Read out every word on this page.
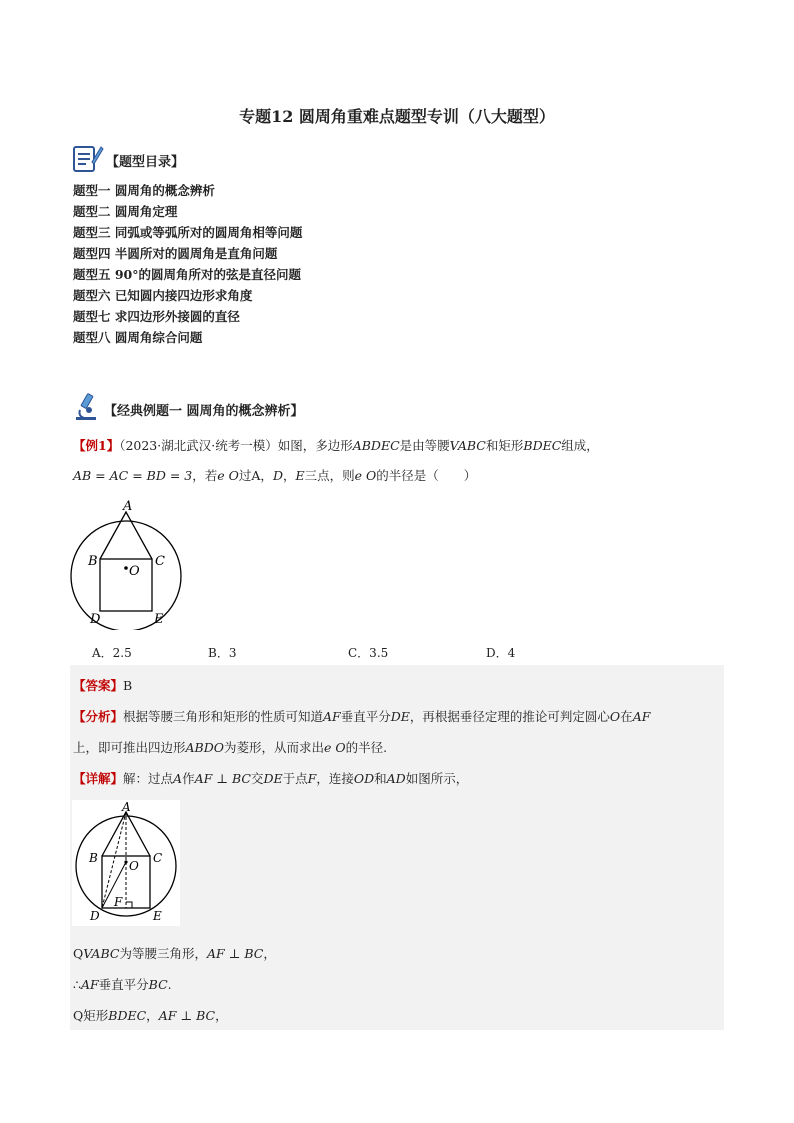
专题12 圆周角重难点题型专训（八大题型）
【题型目录】
题型一 圆周角的概念辨析
题型二 圆周角定理
题型三 同弧或等弧所对的圆周角相等问题
题型四 半圆所对的圆周角是直角问题
题型五 90°的圆周角所对的弦是直径问题
题型六 已知圆内接四边形求角度
题型七 求四边形外接圆的直径
题型八 圆周角综合问题
【经典例题一 圆周角的概念辨析】
【例1】（2023·湖北武汉·统考一模）如图，多边形ABDEC是由等腰VABC和矩形BDEC组成，
AB = AC = BD = 3，若e O过A，D，E三点，则e O的半径是（　　）
A
B	C
O
D	E
A．2.5	B．3	C．3.5	D．4
【答案】B
【分析】根据等腰三角形和矩形的性质可知道AF垂直平分DE，再根据垂径定理的推论可判定圆心O在AF
上，即可推出四边形ABDO为菱形，从而求出e O的半径.
【详解】解：过点A作AF ⊥ BC交DE于点F，连接OD和AD如图所示，
A
B	C
O
F
D	E
QVABC为等腰三角形，AF ⊥ BC，
∴AF垂直平分BC.
Q矩形BDEC，AF ⊥ BC，
